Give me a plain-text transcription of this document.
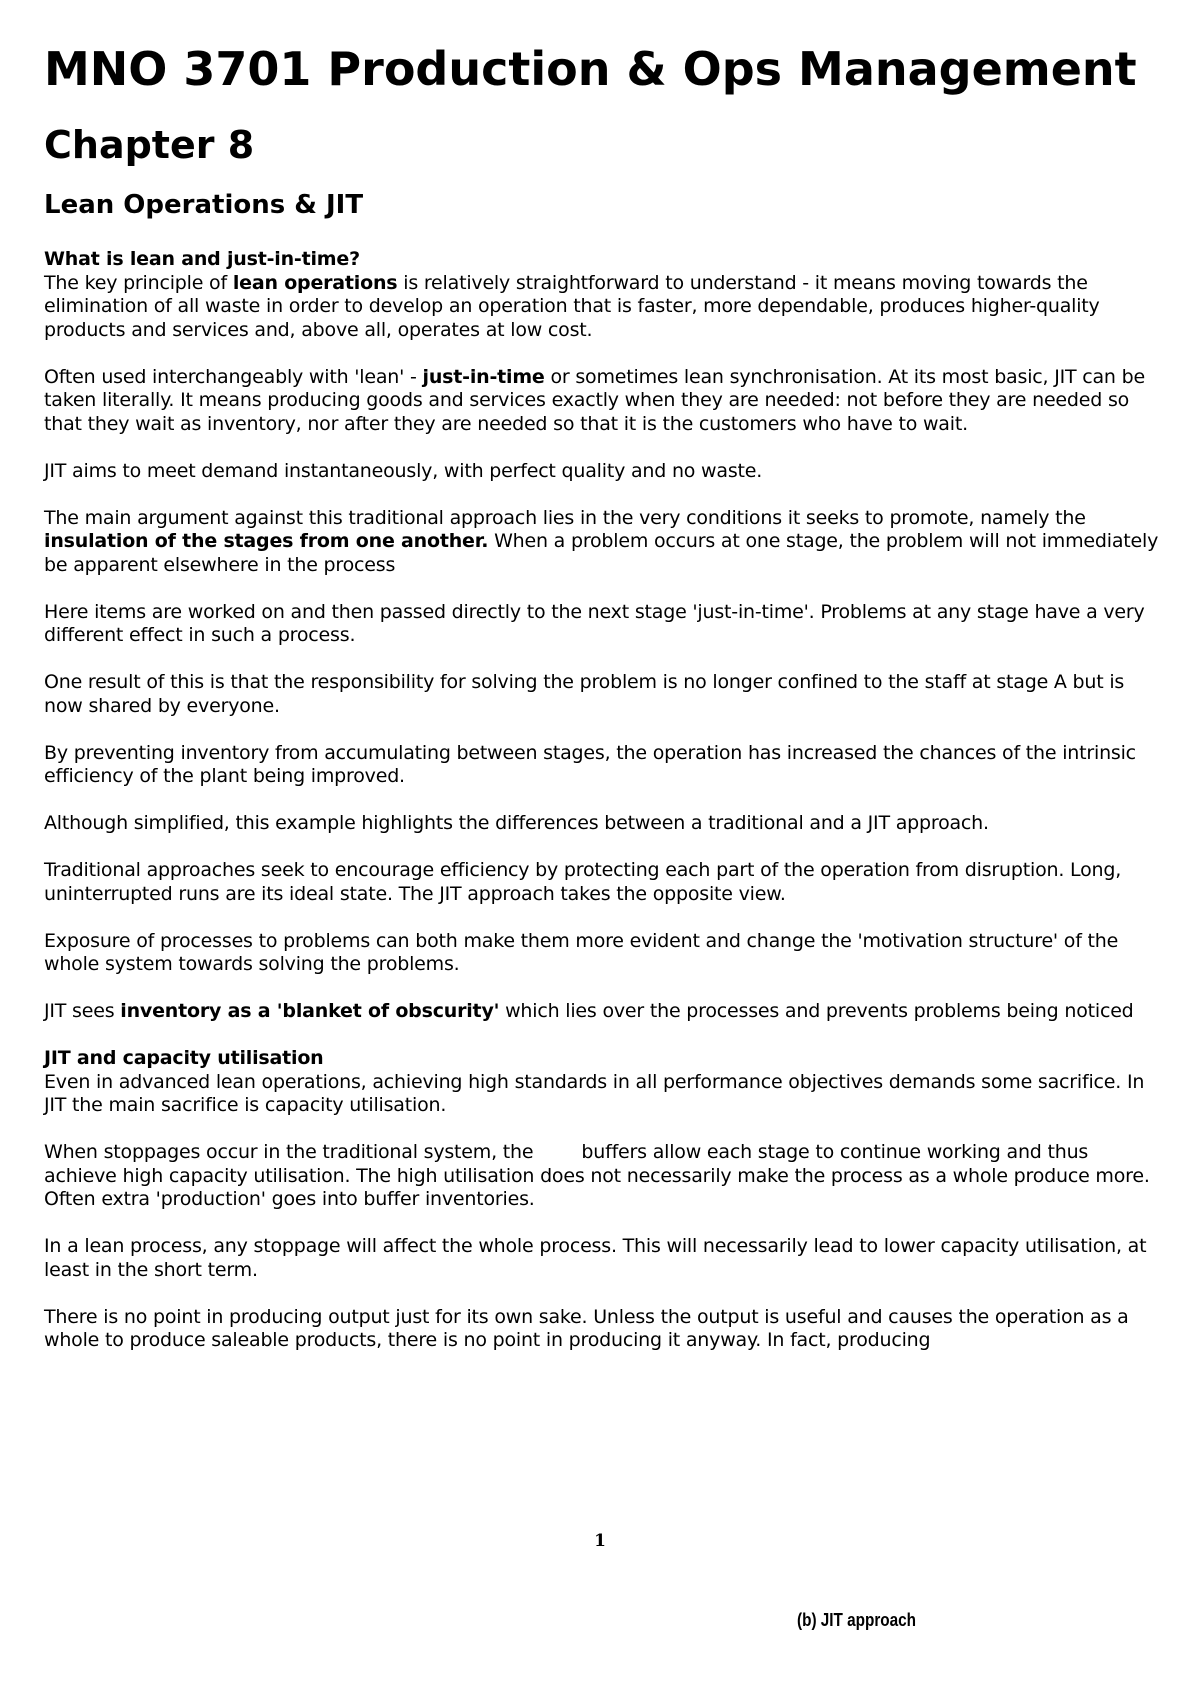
MNO 3701 Production & Ops Management
Chapter 8
Lean Operations & JIT

What is lean and just-in-time?
The key principle of lean operations is relatively straightforward to understand - it means moving towards the elimination of all waste in order to develop an operation that is faster, more dependable, produces higher-quality products and services and, above all, operates at low cost.

Often used interchangeably with 'lean' - just-in-time or sometimes lean synchronisation. At its most basic, JIT can be taken literally. It means producing goods and services exactly when they are needed: not before they are needed so that they wait as inventory, nor after they are needed so that it is the customers who have to wait.

JIT aims to meet demand instantaneously, with perfect quality and no waste.

The main argument against this traditional approach lies in the very conditions it seeks to promote, namely the insulation of the stages from one another. When a problem occurs at one stage, the problem will not immediately be apparent elsewhere in the process

Here items are worked on and then passed directly to the next stage 'just-in-time'. Problems at any stage have a very different effect in such a process.

One result of this is that the responsibility for solving the problem is no longer confined to the staff at stage A but is now shared by everyone.

By preventing inventory from accumulating between stages, the operation has increased the chances of the intrinsic efficiency of the plant being improved.

Although simplified, this example highlights the differences between a traditional and a JIT approach.

Traditional approaches seek to encourage efficiency by protecting each part of the operation from disruption. Long, uninterrupted runs are its ideal state. The JIT approach takes the opposite view.

Exposure of processes to problems can both make them more evident and change the 'motivation structure' of the whole system towards solving the problems.

JIT sees inventory as a 'blanket of obscurity' which lies over the processes and prevents problems being noticed

JIT and capacity utilisation
Even in advanced lean operations, achieving high standards in all performance objectives demands some sacrifice. In JIT the main sacrifice is capacity utilisation.

When stoppages occur in the traditional system, the	buffers allow each stage to continue working and thus achieve high capacity utilisation. The high utilisation does not necessarily make the process as a whole produce more. Often extra 'production' goes into buffer inventories.

In a lean process, any stoppage will affect the whole process. This will necessarily lead to lower capacity utilisation, at least in the short term.

There is no point in producing output just for its own sake. Unless the output is useful and causes the operation as a whole to produce saleable products, there is no point in producing it anyway. In fact, producing

1
(b) JIT approach
